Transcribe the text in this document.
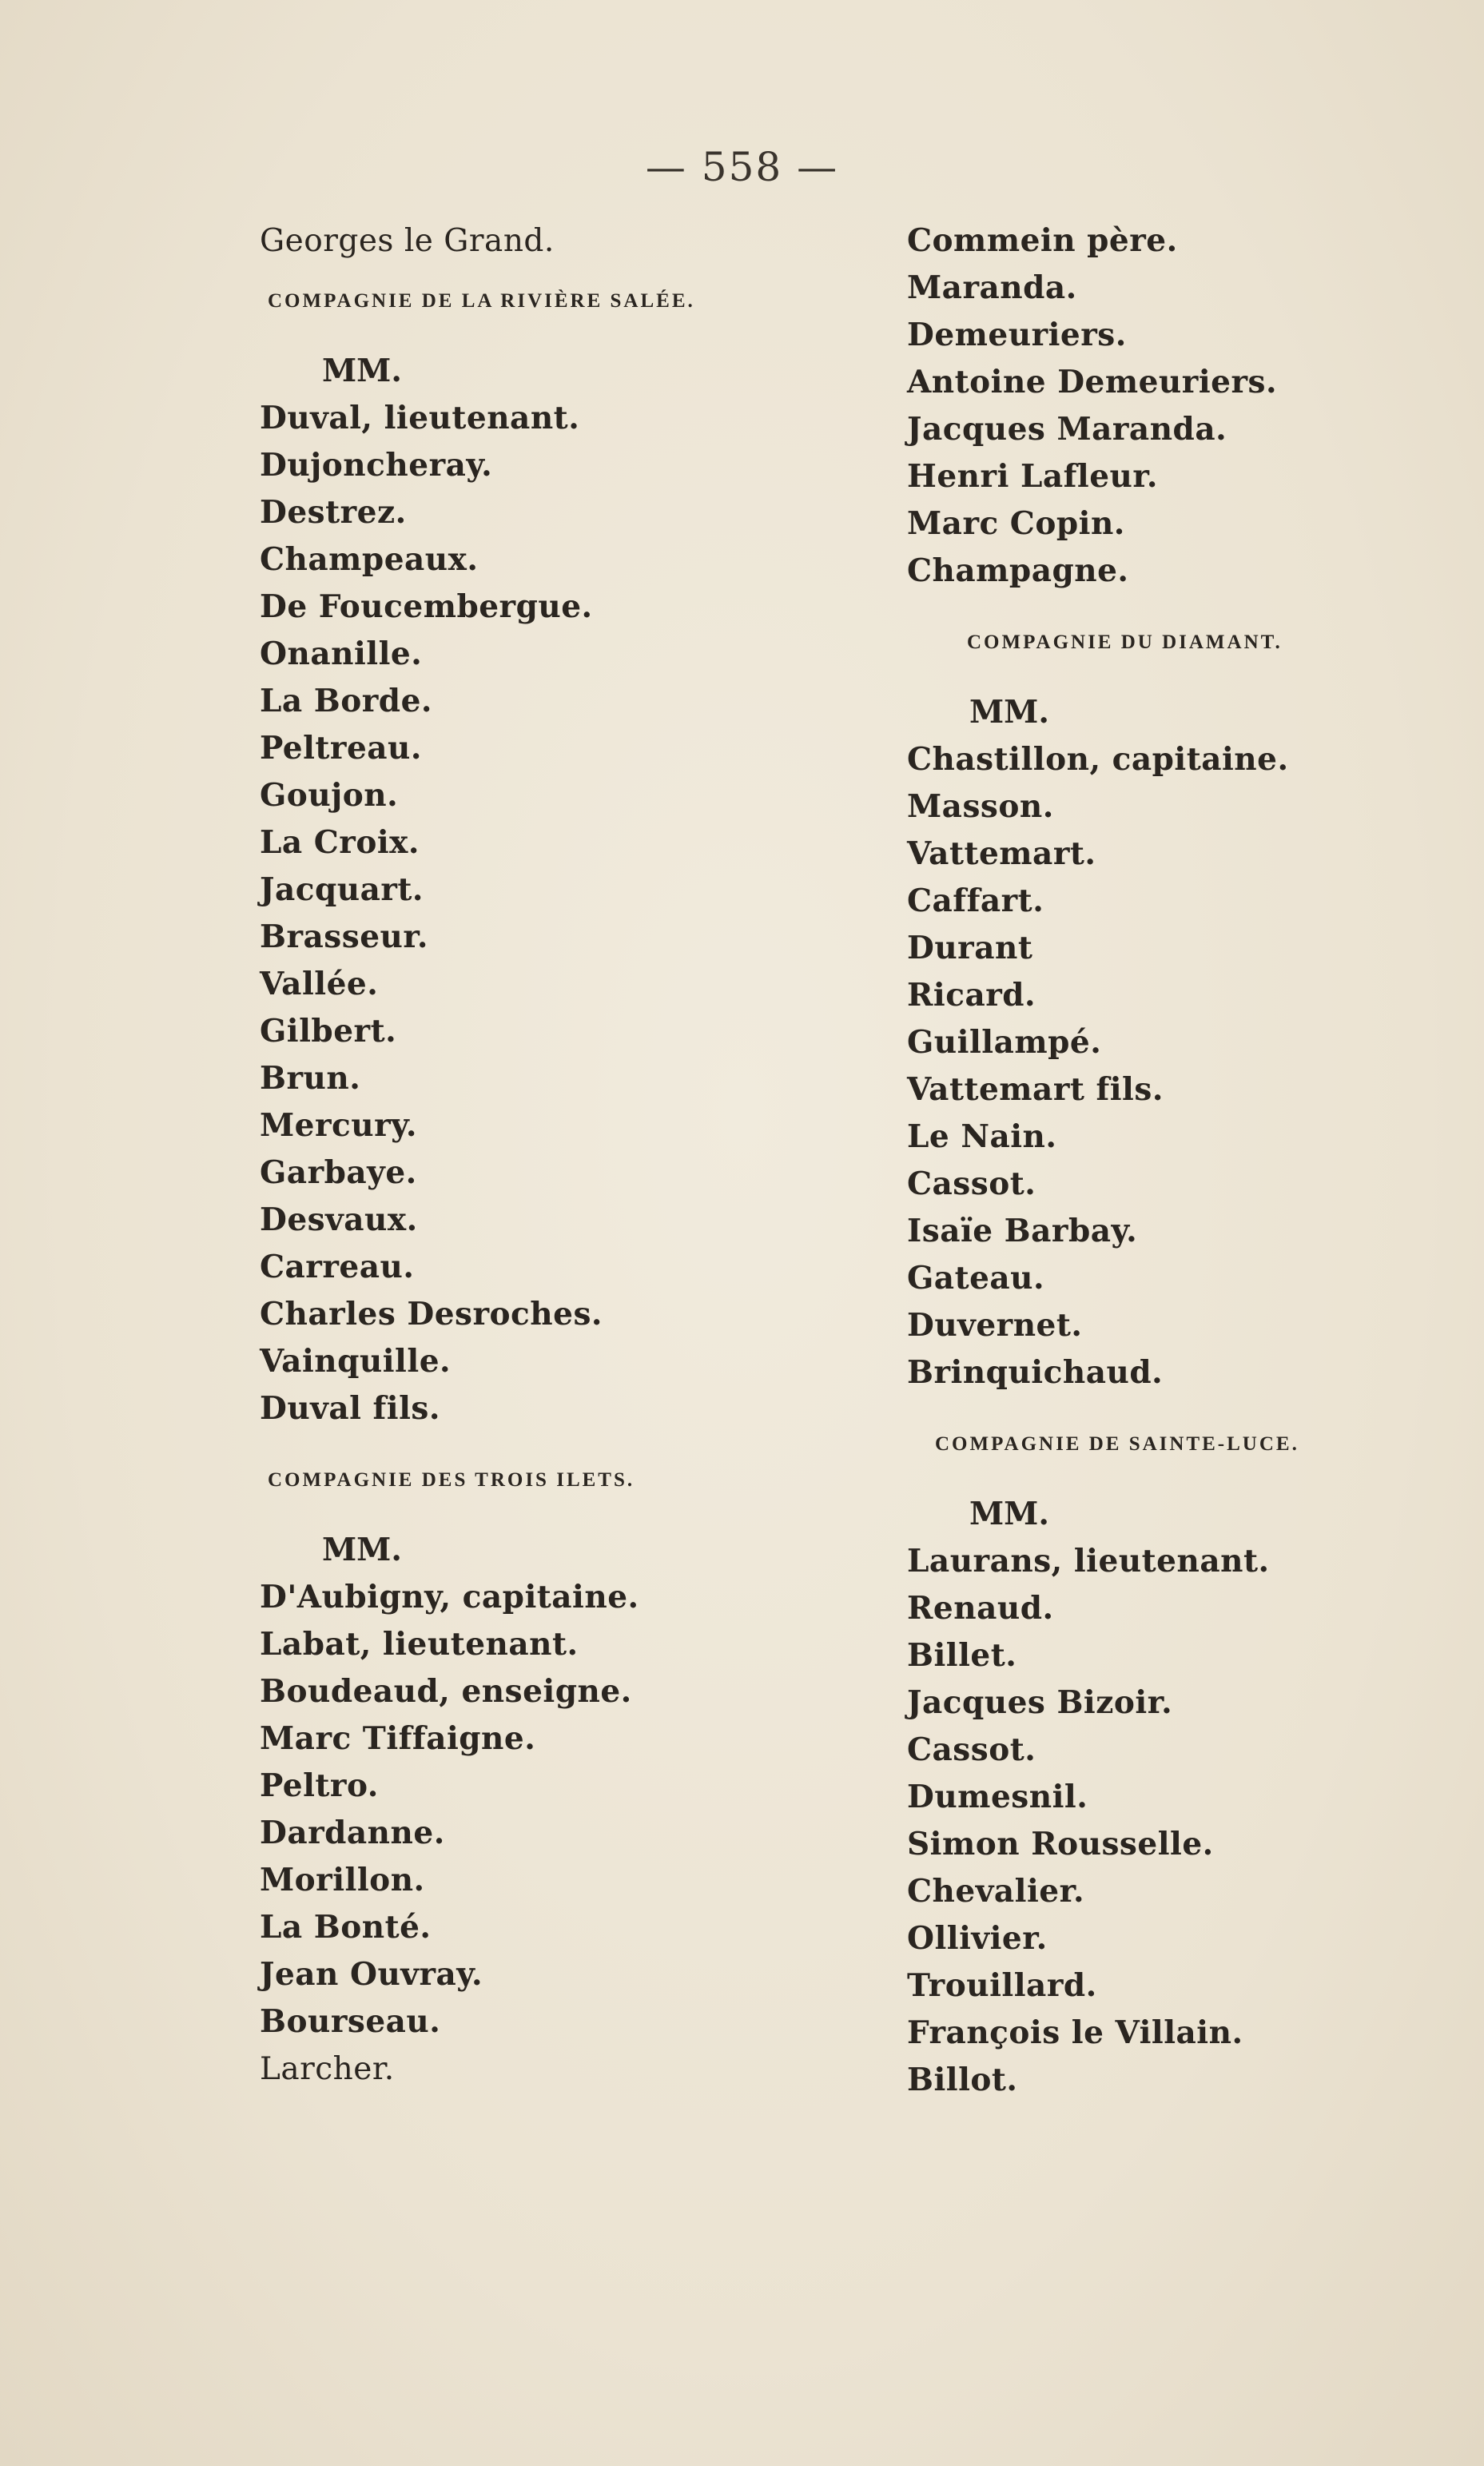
— 558 —
Georges le Grand.
COMPAGNIE DE LA RIVIÈRE SALÉE.
MM.
Duval, lieutenant.
Dujoncheray.
Destrez.
Champeaux.
De Foucembergue.
Onanille.
La Borde.
Peltreau.
Goujon.
La Croix.
Jacquart.
Brasseur.
Vallée.
Gilbert.
Brun.
Mercury.
Garbaye.
Desvaux.
Carreau.
Charles Desroches.
Vainquille.
Duval fils.
COMPAGNIE DES TROIS ILETS.
MM.
D'Aubigny, capitaine.
Labat, lieutenant.
Boudeaud, enseigne.
Marc Tiffaigne.
Peltro.
Dardanne.
Morillon.
La Bonté.
Jean Ouvray.
Bourseau.
Larcher.
Commein père.
Maranda.
Demeuriers.
Antoine Demeuriers.
Jacques Maranda.
Henri Lafleur.
Marc Copin.
Champagne.
COMPAGNIE DU DIAMANT.
MM.
Chastillon, capitaine.
Masson.
Vattemart.
Caffart.
Durant
Ricard.
Guillampé.
Vattemart fils.
Le Nain.
Cassot.
Isaïe Barbay.
Gateau.
Duvernet.
Brinquichaud.
COMPAGNIE DE SAINTE-LUCE.
MM.
Laurans, lieutenant.
Renaud.
Billet.
Jacques Bizoir.
Cassot.
Dumesnil.
Simon Rousselle.
Chevalier.
Ollivier.
Trouillard.
François le Villain.
Billot.
